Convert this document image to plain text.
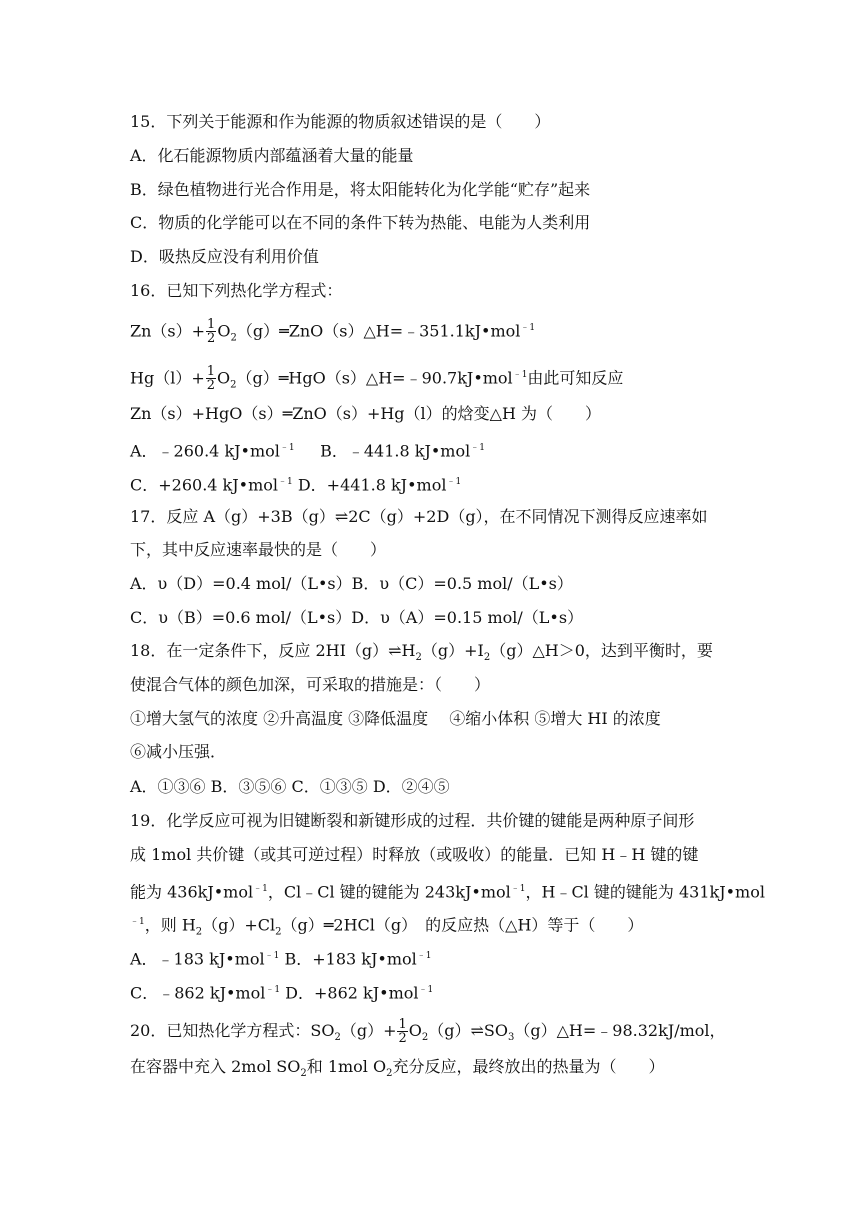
15．下列关于能源和作为能源的物质叙述错误的是（　　）
A．化石能源物质内部蕴涵着大量的能量
B．绿色植物进行光合作用是，将太阳能转化为化学能“贮存”起来
C．物质的化学能可以在不同的条件下转为热能、电能为人类利用
D．吸热反应没有利用价值
16．已知下列热化学方程式：
$Zn(s)+ \frac{1}{2}$ $O_2(g)═ZnO(s)\triangle H=﹣351.1kJ•mol^{﹣1}$
$Hg(l)+ \frac{1}{2}$ $O_2(g)═HgO(s)\triangle H=﹣90.7kJ•mol^{﹣1}$由此可知反应
Zn（s）+HgO（s）═ZnO（s）+Hg（l）的焓变△H 为（　　）
A．﹣260.4 kJ•mol$^{﹣1}$ B．﹣441.8 kJ•mol$^{﹣1}$
C．+260.4 kJ•mol$^{﹣1}$ D．+441.8 kJ•mol$^{﹣1}$
17．反应 A（g）+3B（g）⇌2C（g）+2D（g），在不同情况下测得反应速率如
下，其中反应速率最快的是（　　）
A．υ（D）=0.4 mol/（L•s）B．υ（C）=0.5 mol/（L•s）
C．υ（B）=0.6 mol/（L•s）D．υ（A）=0.15 mol/（L•s）
18．在一定条件下，反应 $2HI(g)\rightleftharpoons H_2(g)+I_2(g)\triangle H>0$，达到平衡时，要
使混合气体的颜色加深，可采取的措施是：（　　）
①增大氢气的浓度 ②升高温度 ③降低温度　 ④缩小体积 ⑤增大 HI 的浓度
⑥减小压强．
A．①③⑥ B．③⑤⑥ C．①③⑤ D．②④⑤
19．化学反应可视为旧键断裂和新键形成的过程．共价键的键能是两种原子间形
成 1mol 共价键（或其可逆过程）时释放（或吸收）的能量．已知 H﹣H 键的键
能为 436kJ•mol$^{﹣1}$，Cl﹣Cl 键的键能为 243kJ•mol$^{﹣1}$，H﹣Cl 键的键能为 431kJ•mol
$^{﹣1}$，则 $H_2(g)+Cl_2(g)═2HCl(g)$　的反应热（△H）等于（　　）
A．﹣183 kJ•mol$^{﹣1}$ B．+183 kJ•mol$^{﹣1}$
C．﹣862 kJ•mol$^{﹣1}$ D．+862 kJ•mol$^{﹣1}$
20．已知热化学方程式：$SO_2(g)+ \frac{1}{2}$ $O_2(g)\rightleftharpoons SO_3(g)\triangle H=﹣98.32kJ$/mol，
在容器中充入 2mol $SO_2$和 1mol $O_2$充分反应，最终放出的热量为（　　）
